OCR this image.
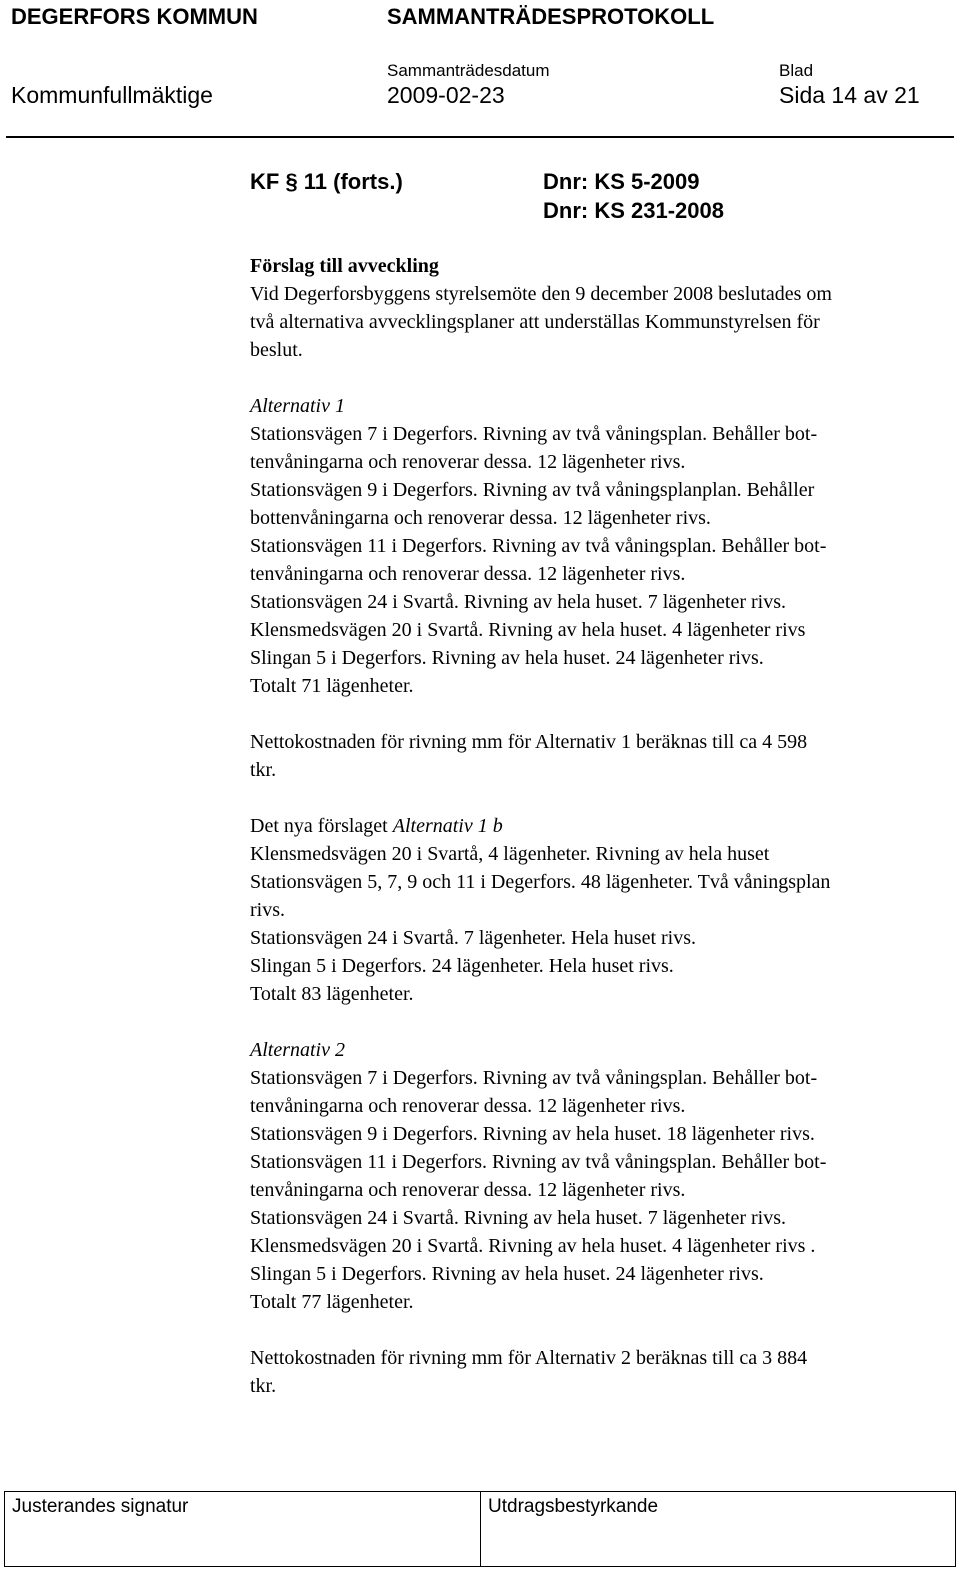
DEGERFORS KOMMUN	SAMMANTRÄDESPROTOKOLL
Sammanträdesdatum	Blad
Kommunfullmäktige	2009-02-23	Sida 14 av 21
KF § 11 (forts.)	Dnr: KS 5-2009
Dnr: KS 231-2008
Förslag till avveckling
Vid Degerforsbyggens styrelsemöte den 9 december 2008 beslutades om
två alternativa avvecklingsplaner att underställas Kommunstyrelsen för
beslut.
Alternativ 1
Stationsvägen 7 i Degerfors. Rivning av två våningsplan. Behåller bot-
tenvåningarna och renoverar dessa. 12 lägenheter rivs.
Stationsvägen 9 i Degerfors. Rivning av två våningsplanplan. Behåller
bottenvåningarna och renoverar dessa. 12 lägenheter rivs.
Stationsvägen 11 i Degerfors. Rivning av två våningsplan. Behåller bot-
tenvåningarna och renoverar dessa. 12 lägenheter rivs.
Stationsvägen 24 i Svartå. Rivning av hela huset. 7 lägenheter rivs.
Klensmedsvägen 20 i Svartå. Rivning av hela huset. 4 lägenheter rivs
Slingan 5 i Degerfors. Rivning av hela huset. 24 lägenheter rivs.
Totalt 71 lägenheter.
Nettokostnaden för rivning mm för Alternativ 1 beräknas till ca 4 598
tkr.
Det nya förslaget Alternativ 1 b
Klensmedsvägen 20 i Svartå, 4 lägenheter. Rivning av hela huset
Stationsvägen 5, 7, 9 och 11 i Degerfors. 48 lägenheter. Två våningsplan
rivs.
Stationsvägen 24 i Svartå. 7 lägenheter. Hela huset rivs.
Slingan 5 i Degerfors. 24 lägenheter. Hela huset rivs.
Totalt 83 lägenheter.
Alternativ 2
Stationsvägen 7 i Degerfors. Rivning av två våningsplan. Behåller bot-
tenvåningarna och renoverar dessa. 12 lägenheter rivs.
Stationsvägen 9 i Degerfors. Rivning av hela huset. 18 lägenheter rivs.
Stationsvägen 11 i Degerfors. Rivning av två våningsplan. Behåller bot-
tenvåningarna och renoverar dessa. 12 lägenheter rivs.
Stationsvägen 24 i Svartå. Rivning av hela huset. 7 lägenheter rivs.
Klensmedsvägen 20 i Svartå. Rivning av hela huset. 4 lägenheter rivs .
Slingan 5 i Degerfors. Rivning av hela huset. 24 lägenheter rivs.
Totalt 77 lägenheter.
Nettokostnaden för rivning mm för Alternativ 2 beräknas till ca 3 884
tkr.
Justerandes signatur	Utdragsbestyrkande
